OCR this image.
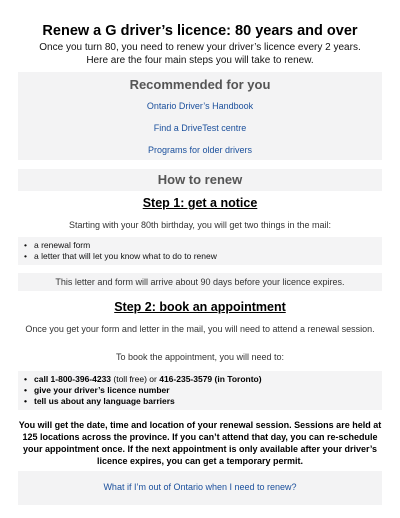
Renew a G driver’s licence: 80 years and over
Once you turn 80, you need to renew your driver’s licence every 2 years.
Here are the four main steps you will take to renew.
Recommended for you
Ontario Driver’s Handbook
Find a DriveTest centre
Programs for older drivers
How to renew
Step 1: get a notice
Starting with your 80th birthday, you will get two things in the mail:
• a renewal form
• a letter that will let you know what to do to renew
This letter and form will arrive about 90 days before your licence expires.
Step 2: book an appointment
Once you get your form and letter in the mail, you will need to attend a renewal session.
To book the appointment, you will need to:
• call 1-800-396-4233 (toll free) or 416-235-3579 (in Toronto)
• give your driver’s licence number
• tell us about any language barriers
You will get the date, time and location of your renewal session. Sessions are held at 125 locations across the province. If you can’t attend that day, you can re-schedule your appointment once. If the next appointment is only available after your driver’s licence expires, you can get a temporary permit.
What if I’m out of Ontario when I need to renew?
